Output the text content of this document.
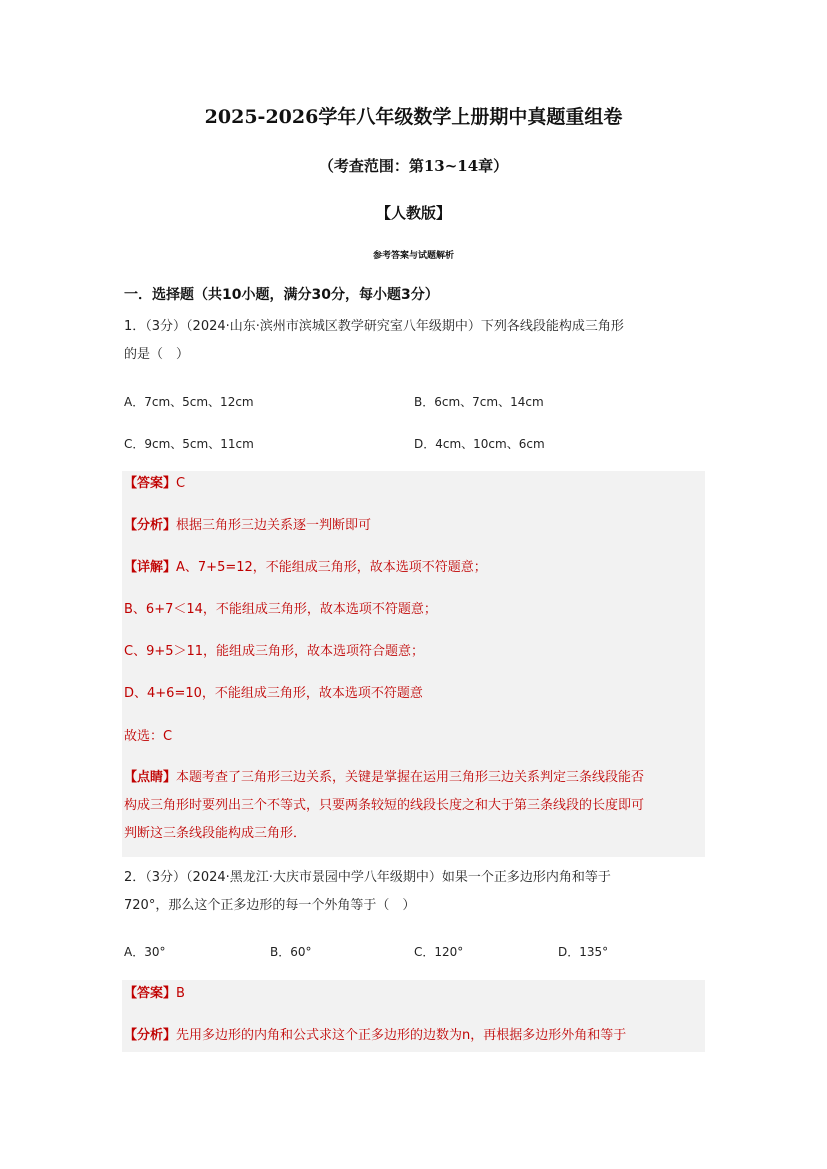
2025-2026学年八年级数学上册期中真题重组卷
（考查范围：第13~14章）
【人教版】
参考答案与试题解析
一．选择题（共10小题，满分30分，每小题3分）
1．（3分）（2024·山东·滨州市滨城区教学研究室八年级期中）下列各线段能构成三角形
的是（　）
A．7cm、5cm、12cm	B．6cm、7cm、14cm
C．9cm、5cm、11cm	D．4cm、10cm、6cm
【答案】C
【分析】根据三角形三边关系逐一判断即可
【详解】A、7+5=12，不能组成三角形，故本选项不符题意；
B、6+7＜14，不能组成三角形，故本选项不符题意；
C、9+5＞11，能组成三角形，故本选项符合题意；
D、4+6=10，不能组成三角形，故本选项不符题意
故选：C
【点睛】本题考查了三角形三边关系，关键是掌握在运用三角形三边关系判定三条线段能否
构成三角形时要列出三个不等式，只要两条较短的线段长度之和大于第三条线段的长度即可
判断这三条线段能构成三角形．
2．（3分）（2024·黑龙江·大庆市景园中学八年级期中）如果一个正多边形内角和等于
720°，那么这个正多边形的每一个外角等于（　）
A．30°	B．60°	C．120°	D．135°
【答案】B
【分析】先用多边形的内角和公式求这个正多边形的边数为n，再根据多边形外角和等于
